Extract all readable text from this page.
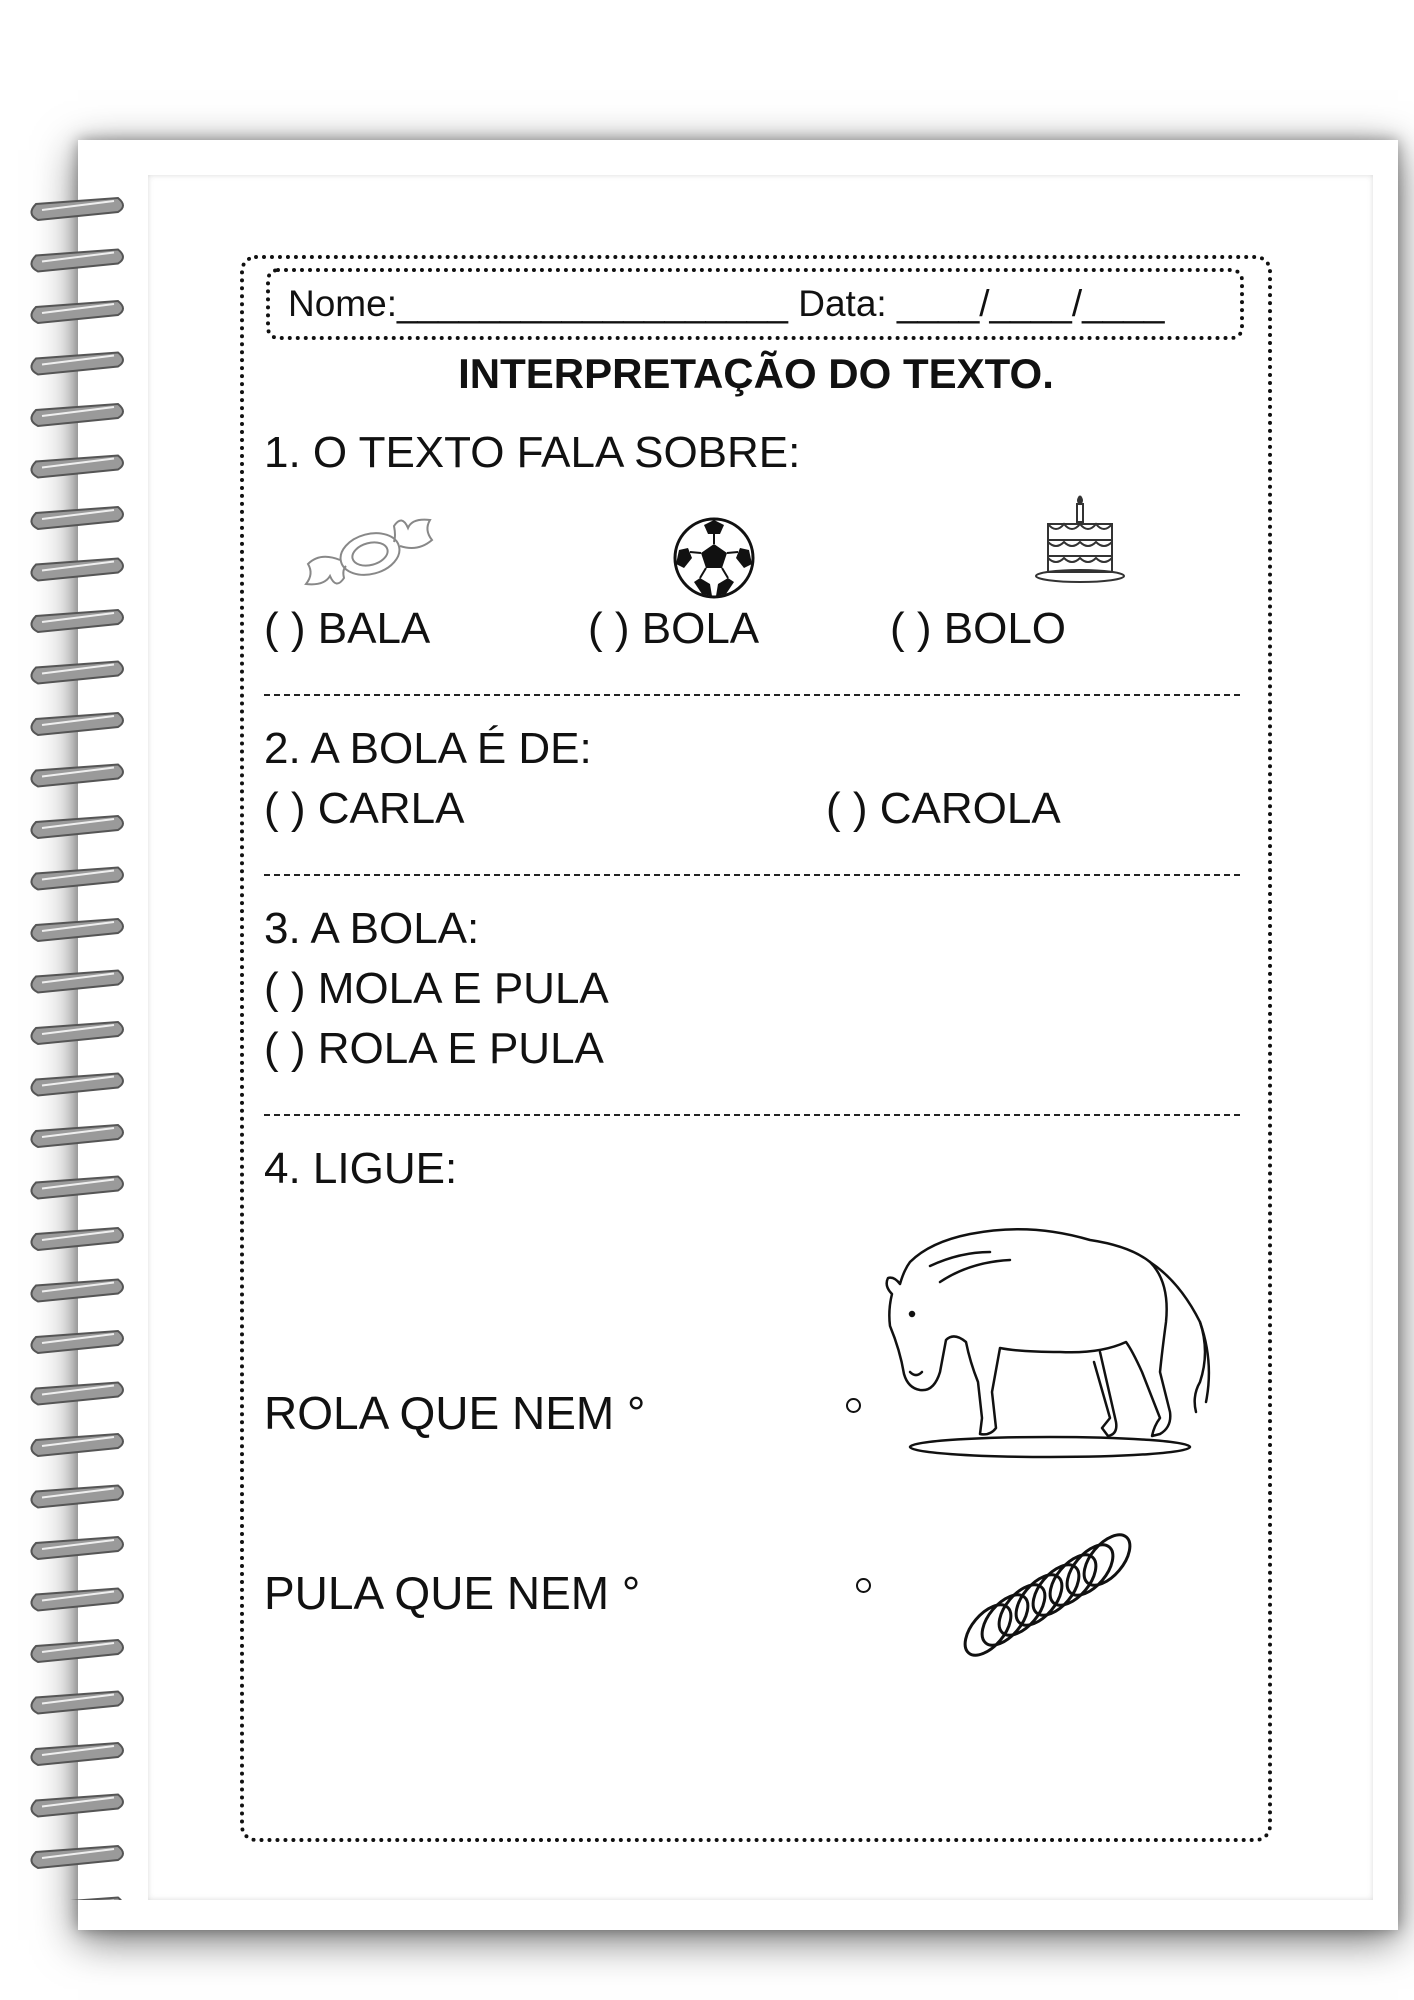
Nome:___________________ Data: ____/____/____
INTERPRETAÇÃO DO TEXTO.
1. O TEXTO FALA SOBRE:
( ) BALA	( ) BOLA	( ) BOLO
2. A BOLA É DE:
( ) CARLA	( ) CAROLA
3. A BOLA:
( ) MOLA E PULA
( ) ROLA E PULA
4. LIGUE:
ROLA QUE NEM °
PULA QUE NEM °
